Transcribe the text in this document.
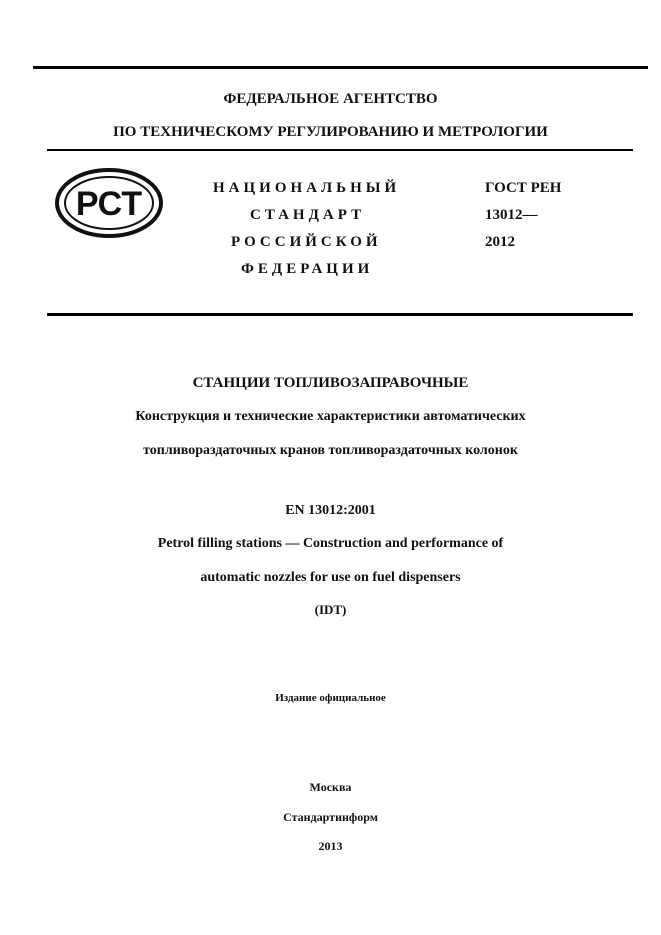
ФЕДЕРАЛЬНОЕ АГЕНТСТВО
ПО ТЕХНИЧЕСКОМУ РЕГУЛИРОВАНИЮ И МЕТРОЛОГИИ
РСТ	НАЦИОНАЛЬНЫЙ
СТАНДАРТ
РОССИЙСКОЙ
ФЕДЕРАЦИИ
ГОСТ РЕН
13012—
2012
СТАНЦИИ ТОПЛИВОЗАПРАВОЧНЫЕ
Конструкция и технические характеристики автоматических
топливораздаточных кранов топливораздаточных колонок
EN 13012:2001
Petrol filling stations — Construction and performance of
automatic nozzles for use on fuel dispensers
(IDT)
Издание официальное
Москва
Стандартинформ
2013
